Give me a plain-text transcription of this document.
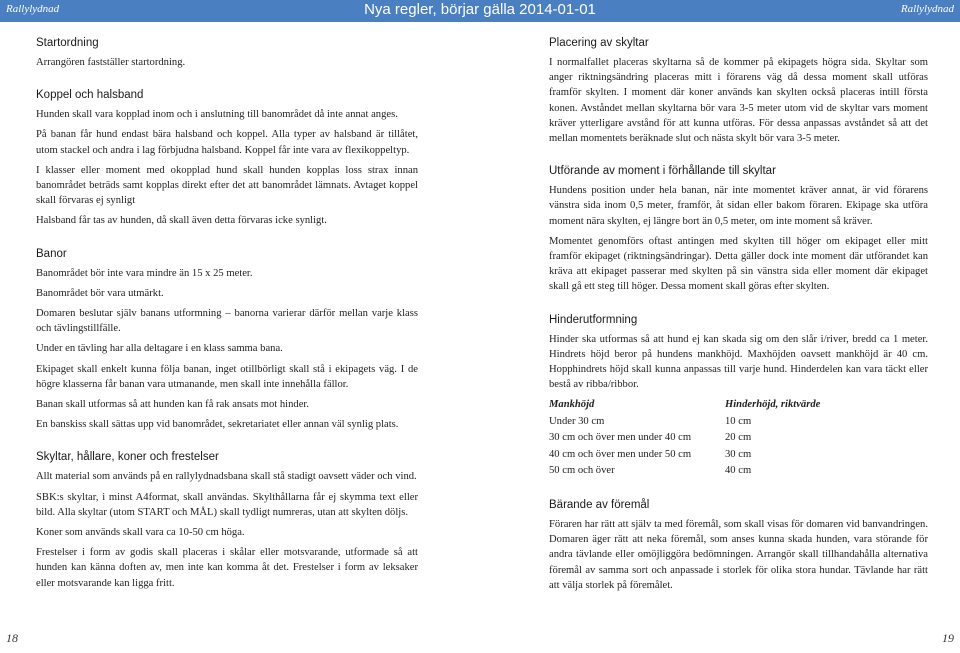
Rallylydnad	Nya regler, börjar gälla 2014-01-01	Rallylydnad
Startordning

Arrangören fastställer startordning.

Koppel och halsband

Hunden skall vara kopplad inom och i anslutning till banområdet då inte annat anges.

På banan får hund endast bära halsband och koppel. Alla typer av halsband är tillåtet, utom stackel och andra i lag förbjudna halsband. Koppel får inte vara av flexikoppeltyp.

I klasser eller moment med okopplad hund skall hunden kopplas loss strax innan banområdet beträds samt kopplas direkt efter det att banområdet lämnats. Avtaget koppel skall förvaras ej synligt

Halsband får tas av hunden, då skall även detta förvaras icke synligt.

Banor

Banområdet bör inte vara mindre än 15 x 25 meter.

Banområdet bör vara utmärkt.

Domaren beslutar själv banans utformning – banorna varierar därför mellan varje klass och tävlingstillfälle.

Under en tävling har alla deltagare i en klass samma bana.

Ekipaget skall enkelt kunna följa banan, inget otillbörligt skall stå i ekipagets väg. I de högre klasserna får banan vara utmanande, men skall inte innehålla fällor.

Banan skall utformas så att hunden kan få rak ansats mot hinder.

En banskiss skall sättas upp vid banområdet, sekretariatet eller annan väl synlig plats.

Skyltar, hållare, koner och frestelser

Allt material som används på en rallylydnadsbana skall stå stadigt oavsett väder och vind.

SBK:s skyltar, i minst A4format, skall användas. Skylthållarna får ej skymma text eller bild. Alla skyltar (utom START och MÅL) skall tydligt numreras, utan att skylten döljs.

Koner som används skall vara ca 10-50 cm höga.

Frestelser i form av godis skall placeras i skålar eller motsvarande, utformade så att hunden kan känna doften av, men inte kan komma åt det. Frestelser i form av leksaker eller motsvarande kan ligga fritt.

Placering av skyltar

I normalfallet placeras skyltarna så de kommer på ekipagets högra sida. Skyltar som anger riktningsändring placeras mitt i förarens väg då dessa moment skall utföras framför skylten. I moment där koner används kan skylten också placeras intill första konen. Avståndet mellan skyltarna bör vara 3-5 meter utom vid de skyltar vars moment kräver ytterligare avstånd för att kunna utföras. För dessa anpassas avståndet så att det mellan momentets beräknade slut och nästa skylt bör vara 3-5 meter.

Utförande av moment i förhållande till skyltar

Hundens position under hela banan, när inte momentet kräver annat, är vid förarens vänstra sida inom 0,5 meter, framför, åt sidan eller bakom föraren. Ekipage ska utföra moment nära skylten, ej längre bort än 0,5 meter, om inte moment så kräver.

Momentet genomförs oftast antingen med skylten till höger om ekipaget eller mitt framför ekipaget (riktningsändringar). Detta gäller dock inte moment där utförandet kan kräva att ekipaget passerar med skylten på sin vänstra sida eller moment där ekipaget skall gå ett steg till höger. Dessa moment skall göras efter skylten.

Hinderutformning

Hinder ska utformas så att hund ej kan skada sig om den slår i/river, bredd ca 1 meter. Hindrets höjd beror på hundens mankhöjd. Maxhöjden oavsett mankhöjd är 40 cm. Hopphindrets höjd skall kunna anpassas till varje hund. Hinderdelen kan vara täckt eller bestå av ribba/ribbor.

Mankhöjd	Hinderhöjd, riktvärde
Under 30 cm	10 cm
30 cm och över men under 40 cm	20 cm
40 cm och över men under 50 cm	30 cm
50 cm och över	40 cm
Bärande av föremål

Föraren har rätt att själv ta med föremål, som skall visas för domaren vid banvandringen. Domaren äger rätt att neka föremål, som anses kunna skada hunden, vara störande för andra tävlande eller omöjliggöra bedömningen. Arrangör skall tillhandahålla alternativa föremål av samma sort och anpassade i storlek för olika stora hundar. Tävlande har rätt att välja storlek på föremålet.

18	19
